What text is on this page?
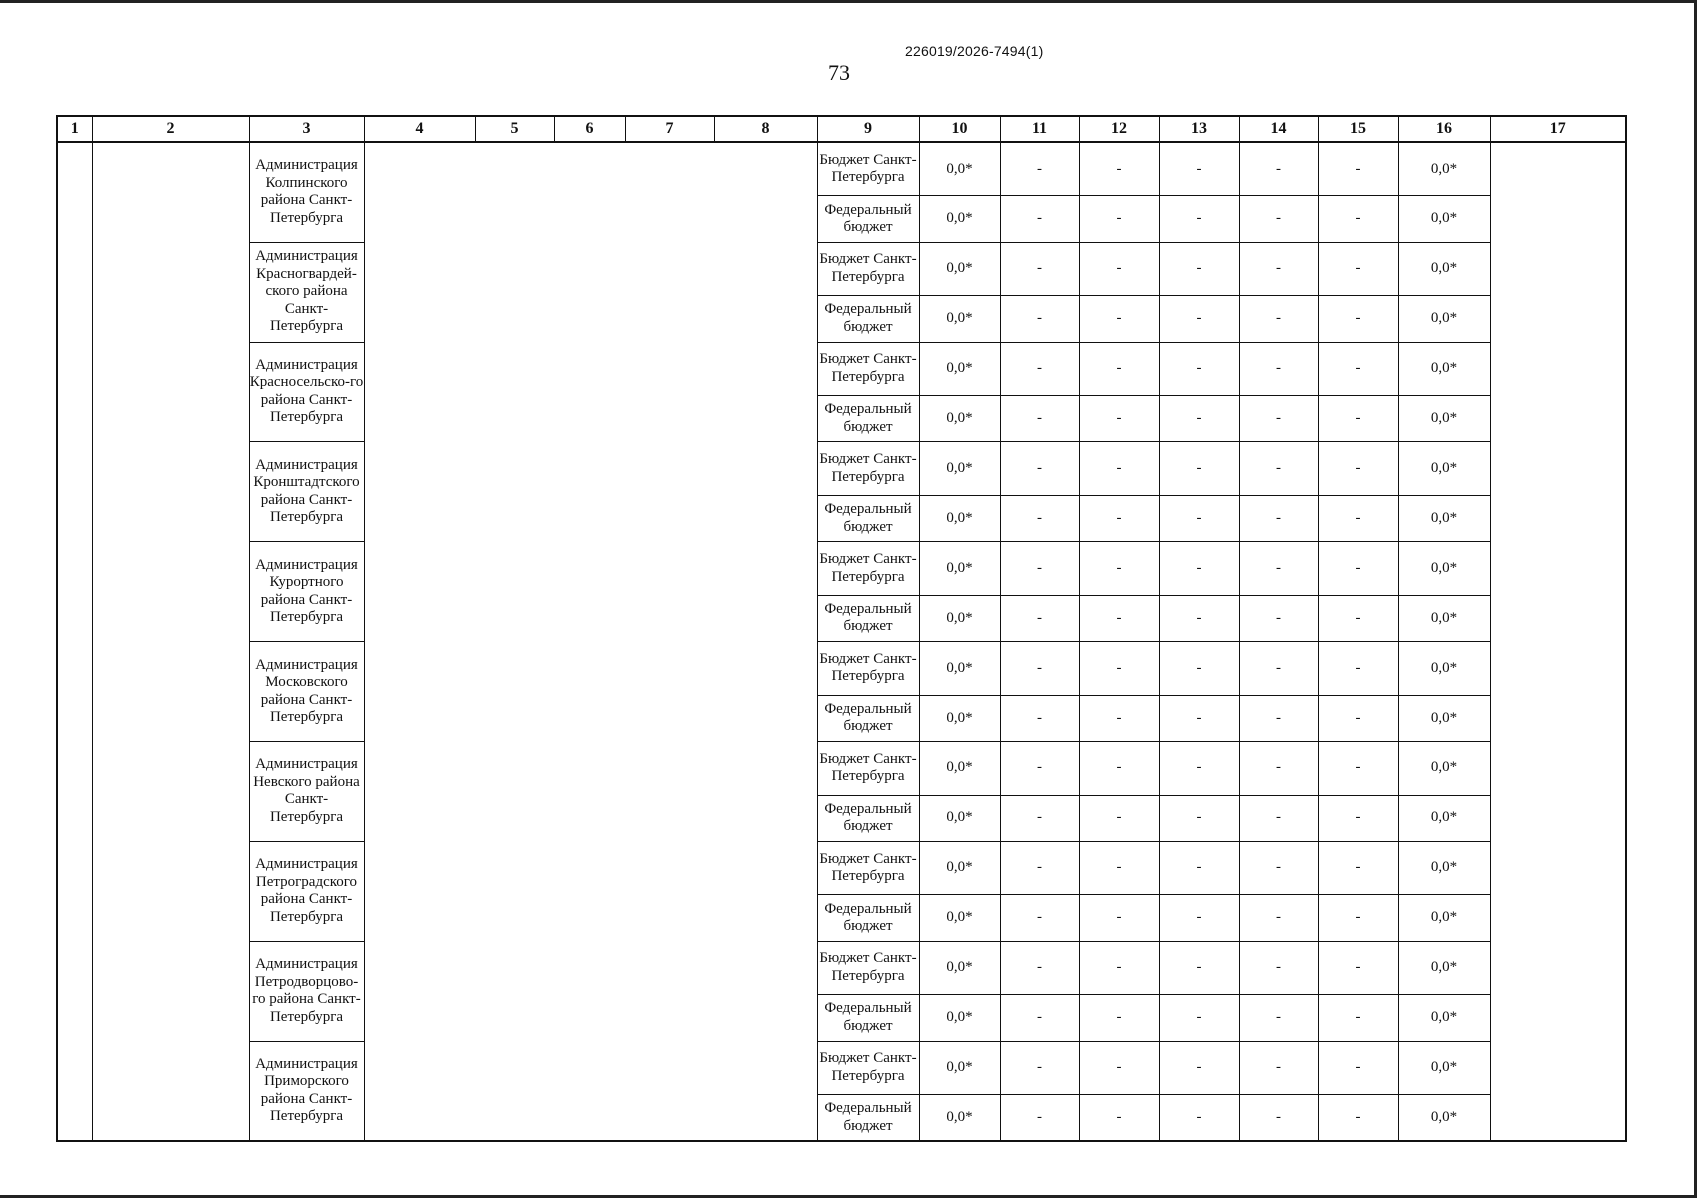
226019/2026-7494(1)
73
1	2	3	4	5	6	7	8	9	10	11	12	13	14	15	16	17
		Администрация Колпинского района Санкт-Петербурга						Бюджет Санкт-Петербурга	0,0*	-	-	-	-	-	0,0*	
								Федеральный бюджет	0,0*	-	-	-	-	-	0,0*	
		Администрация Красногвардей-ского района Санкт-Петербурга						Бюджет Санкт-Петербурга	0,0*	-	-	-	-	-	0,0*	
								Федеральный бюджет	0,0*	-	-	-	-	-	0,0*	
		Администрация Красносельско-го района Санкт-Петербурга						Бюджет Санкт-Петербурга	0,0*	-	-	-	-	-	0,0*	
								Федеральный бюджет	0,0*	-	-	-	-	-	0,0*	
		Администрация Кронштадтского района Санкт-Петербурга						Бюджет Санкт-Петербурга	0,0*	-	-	-	-	-	0,0*	
								Федеральный бюджет	0,0*	-	-	-	-	-	0,0*	
		Администрация Курортного района Санкт-Петербурга						Бюджет Санкт-Петербурга	0,0*	-	-	-	-	-	0,0*	
								Федеральный бюджет	0,0*	-	-	-	-	-	0,0*	
		Администрация Московского района Санкт-Петербурга						Бюджет Санкт-Петербурга	0,0*	-	-	-	-	-	0,0*	
								Федеральный бюджет	0,0*	-	-	-	-	-	0,0*	
		Администрация Невского района Санкт-Петербурга						Бюджет Санкт-Петербурга	0,0*	-	-	-	-	-	0,0*	
								Федеральный бюджет	0,0*	-	-	-	-	-	0,0*	
		Администрация Петроградского района Санкт-Петербурга						Бюджет Санкт-Петербурга	0,0*	-	-	-	-	-	0,0*	
								Федеральный бюджет	0,0*	-	-	-	-	-	0,0*	
		Администрация Петродворцово-го района Санкт-Петербурга						Бюджет Санкт-Петербурга	0,0*	-	-	-	-	-	0,0*	
								Федеральный бюджет	0,0*	-	-	-	-	-	0,0*	
		Администрация Приморского района Санкт-Петербурга						Бюджет Санкт-Петербурга	0,0*	-	-	-	-	-	0,0*	
								Федеральный бюджет	0,0*	-	-	-	-	-	0,0*	
